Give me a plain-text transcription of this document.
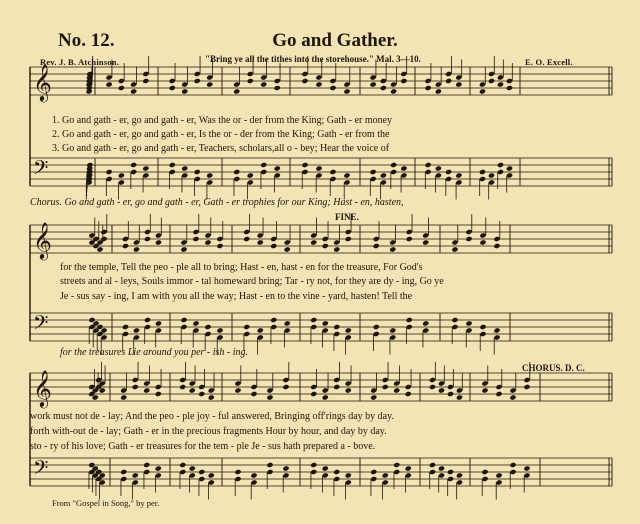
No. 12.	Go and Gather.
Rev. J. B. Atchinson.	"Bring ye all the tithes into the storehouse." Mal. 3—10.	E. O. Excell.
𝄞
𝄢
𝄞
𝄢
𝄞
𝄢
1. Go and gath - er, go and gath - er, Was the or - der from the King; Gath - er money
2. Go and gath - er, go and gath - er, Is the or - der from the King; Gath - er from the
3. Go and gath - er, go and gath - er, Teachers, scholars,all o - bey; Hear the voice of
Chorus. Go and gath - er, go and gath - er, Gath - er trophies for our King; Hast - en, hasten,
FINE.
for the temple, Tell the peo - ple all to bring; Hast - en, hast - en for the treasure, For God's
streets and al - leys, Souls immor - tal homeward bring; Tar - ry not, for they are dy - ing, Go ye
Je - sus say - ing, I am with you all the way; Hast - en to the vine - yard, hasten! Tell the
for the treasures Lie around you per - ish - ing.
CHORUS. D. C.
work must not de - lay; And the peo - ple joy - ful answered, Bringing off'rings day by day.
forth with-out de - lay; Gath - er in the precious fragments Hour by hour, and day by day.
sto - ry of his love; Gath - er treasures for the tem - ple Je - sus hath prepared a - bove.
From "Gospel in Song," by per.
